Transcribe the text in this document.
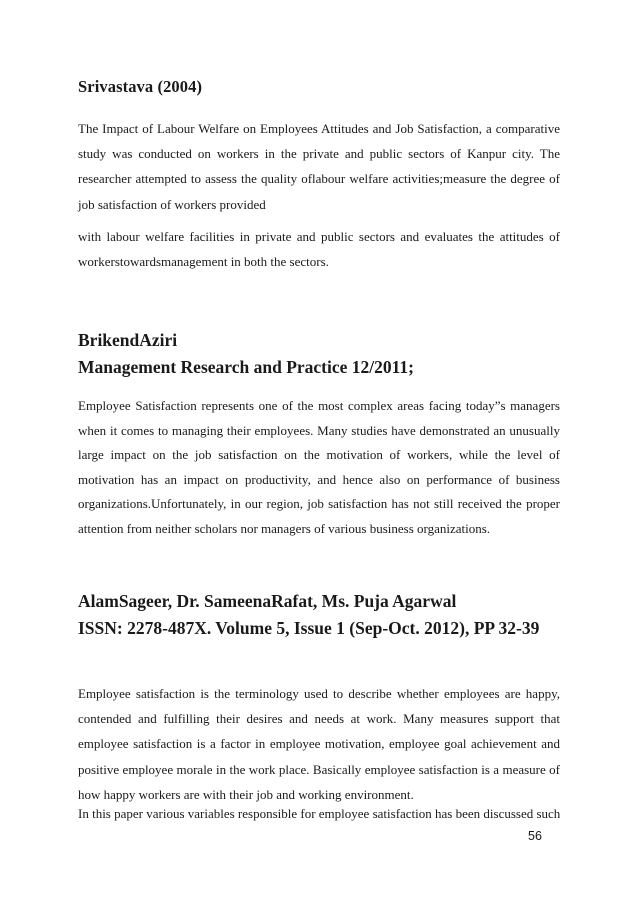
Srivastava (2004)

The Impact of Labour Welfare on Employees Attitudes and Job Satisfaction, a comparative study was conducted on workers in the private and public sectors of Kanpur city. The researcher attempted to assess the quality oflabour welfare activities;measure the degree of job satisfaction of workers provided

with labour welfare facilities in private and public sectors and evaluates the attitudes of workerstowardsmanagement in both the sectors.

BrikendAziri
Management Research and Practice 12/2011;

Employee Satisfaction represents one of the most complex areas facing today”s managers when it comes to managing their employees. Many studies have demonstrated an unusually large impact on the job satisfaction on the motivation of workers, while the level of motivation has an impact on productivity, and hence also on performance of business organizations.Unfortunately, in our region, job satisfaction has not still received the proper attention from neither scholars nor managers of various business organizations.

AlamSageer, Dr. SameenaRafat, Ms. Puja Agarwal
ISSN: 2278-487X. Volume 5, Issue 1 (Sep-Oct. 2012), PP 32-39

Employee satisfaction is the terminology used to describe whether employees are happy, contended and fulfilling their desires and needs at work. Many measures support that employee satisfaction is a factor in employee motivation, employee goal achievement and positive employee morale in the work place. Basically employee satisfaction is a measure of how happy workers are with their job and working environment.

In this paper various variables responsible for employee satisfaction has been discussed such

56
